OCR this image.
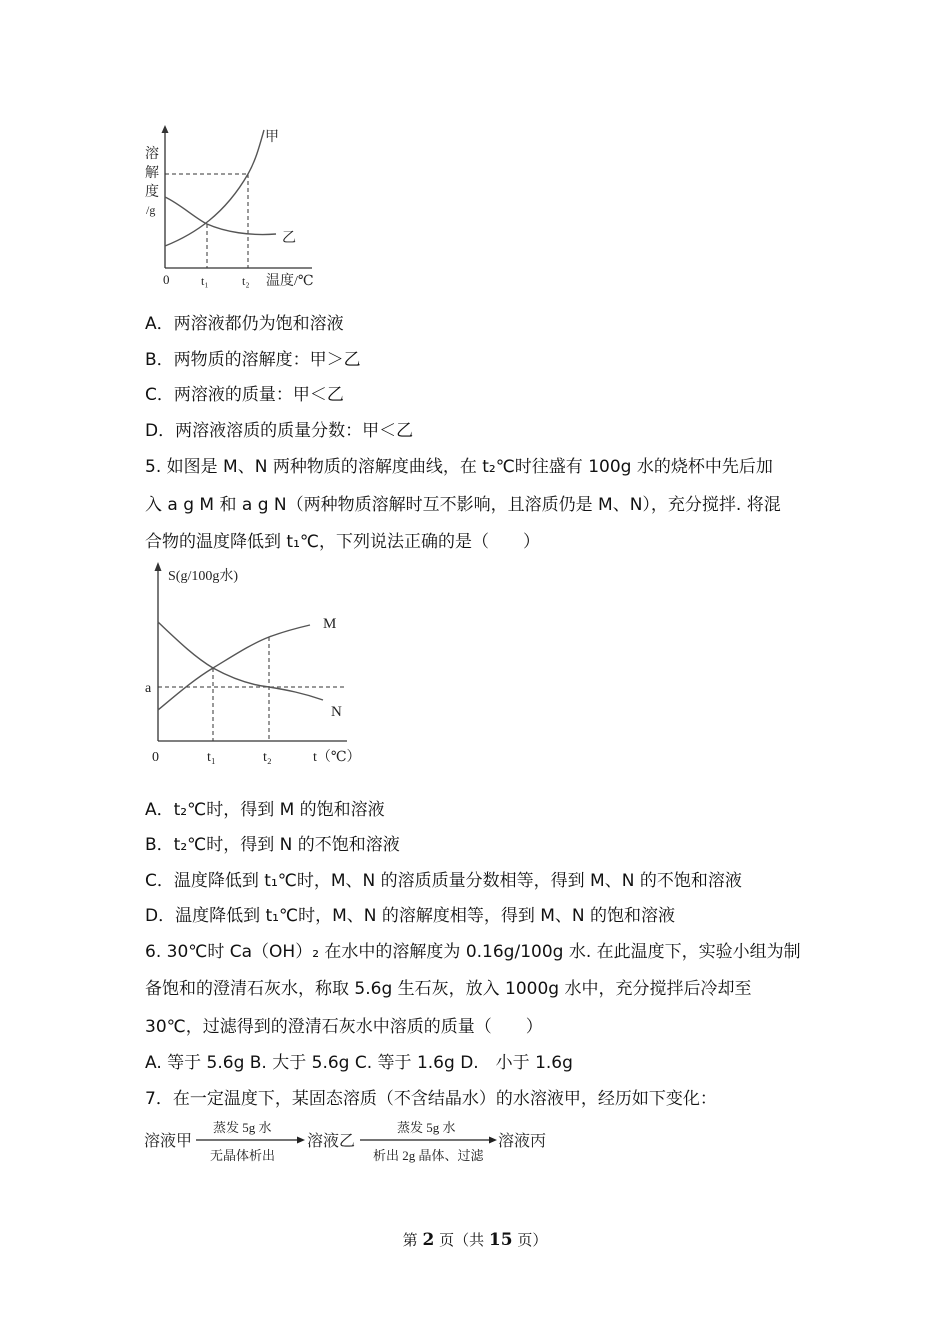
溶
解
度
/g
甲
乙
0	t₁	t₂ 温度/℃
A．两溶液都仍为饱和溶液
B．两物质的溶解度：甲＞乙
C．两溶液的质量：甲＜乙
D．两溶液溶质的质量分数：甲＜乙
5. 如图是 M、N 两种物质的溶解度曲线，在 t₂℃时往盛有 100g 水的烧杯中先后加
入 a g M 和 a g N（两种物质溶解时互不影响，且溶质仍是 M、N），充分搅拌. 将混
合物的温度降低到 t₁℃，下列说法正确的是（　　）
S(g/100g水)
M
N
a
0	t₁	t₂	t（℃）
A．t₂℃时，得到 M 的饱和溶液
B．t₂℃时，得到 N 的不饱和溶液
C．温度降低到 t₁℃时，M、N 的溶质质量分数相等，得到 M、N 的不饱和溶液
D．温度降低到 t₁℃时，M、N 的溶解度相等，得到 M、N 的饱和溶液
6. 30℃时 Ca（OH）₂ 在水中的溶解度为 0.16g/100g 水. 在此温度下，实验小组为制
备饱和的澄清石灰水，称取 5.6g 生石灰，放入 1000g 水中，充分搅拌后冷却至
30℃，过滤得到的澄清石灰水中溶质的质量（　　）
A. 等于 5.6g B. 大于 5.6g C. 等于 1.6g D.　小于 1.6g
7．在一定温度下，某固态溶质（不含结晶水）的水溶液甲，经历如下变化：
溶液甲
蒸发 5g 水
无晶体析出
溶液乙
蒸发 5g 水
析出 2g 晶体、过滤
溶液丙
第 2 页（共 15 页）
